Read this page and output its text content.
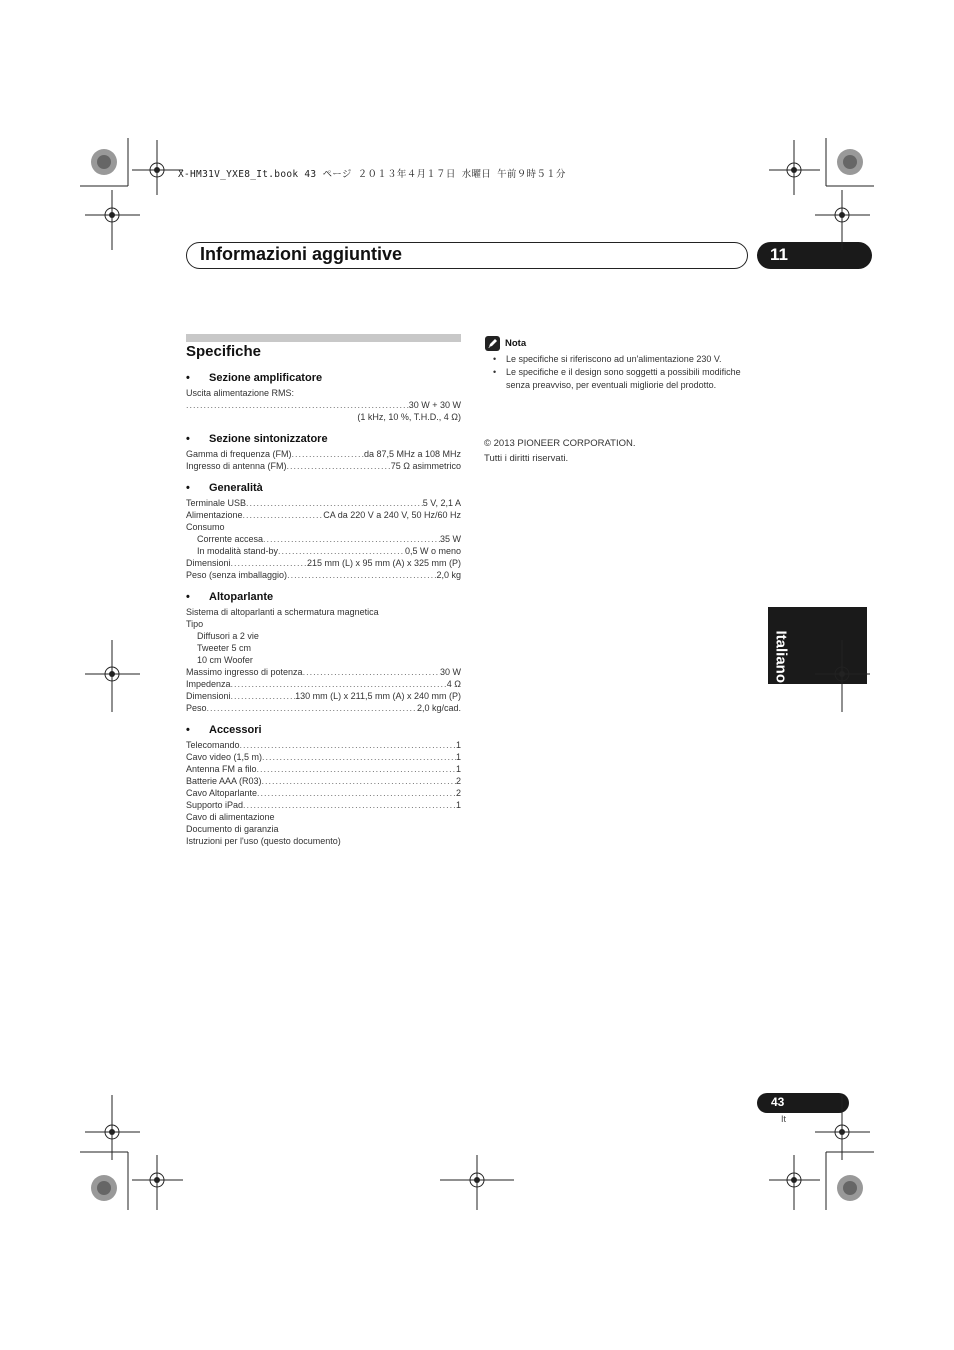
X-HM31V_YXE8_It.book 43 ページ ２０１３年４月１７日 水曜日 午前９時５１分
Informazioni aggiuntive	11
Specifiche
• Sezione amplificatore
Uscita alimentazione RMS:
.....
30 W + 30 W
(1 kHz, 10 %, T.H.D., 4 Ω)
• Sezione sintonizzatore
Gamma di frequenza (FM) .....	da 87,5 MHz a 108 MHz
Ingresso di antenna (FM) .....	75 Ω asimmetrico
• Generalità
Terminale USB .....	5 V, 2,1 A
Alimentazione .....	CA da 220 V a 240 V, 50 Hz/60 Hz
Consumo
Corrente accesa .....	35 W
In modalità stand-by .....	0,5 W o meno
Dimensioni .....	215 mm (L) x 95 mm (A) x 325 mm (P)
Peso (senza imballaggio) .....	2,0 kg
• Altoparlante
Sistema di altoparlanti a schermatura magnetica
Tipo
Diffusori a 2 vie
Tweeter 5 cm
10 cm Woofer
Massimo ingresso di potenza .....	30 W
Impedenza .....	4 Ω
Dimensioni .....	130 mm (L) x 211,5 mm (A) x 240 mm (P)
Peso .....	2,0 kg/cad.
• Accessori
Telecomando .....	1
Cavo video (1,5 m) .....	1
Antenna FM a filo .....	1
Batterie AAA (R03) .....	2
Cavo Altoparlante .....	2
Supporto iPad .....	1
Cavo di alimentazione
Documento di garanzia
Istruzioni per l'uso (questo documento)
Nota
• Le specifiche si riferiscono ad un'alimentazione 230 V.
• Le specifiche e il design sono soggetti a possibili modifiche senza preavviso, per eventuali migliorie del prodotto.
© 2013 PIONEER CORPORATION.
Tutti i diritti riservati.
Italiano
43
It
